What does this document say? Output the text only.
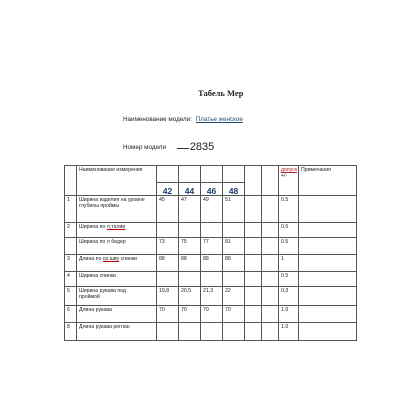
Табель Мер
Наименование модели: Платье женское
Номер модели 2835
	Наименование измерения							допуск
+/-	Примечания
		42	44	46	48				
1	Ширина изделия на уровне
глубины проймы	45	47	49	51			0.5	
2	Ширина по л.талии							0.5	
	Ширина по л бедер	73	75	77	81			0.5	
3	Длина по ср.шву спинки	88	88	88	88			1	
4	Ширина спинки							0.5	
5	Ширина рукава под
проймой	19,8	20,5	21,3	22			0,3	
6	Длина рукава	70	70	70	70			1.0	
8	Длина рукава реглан							1.0	
